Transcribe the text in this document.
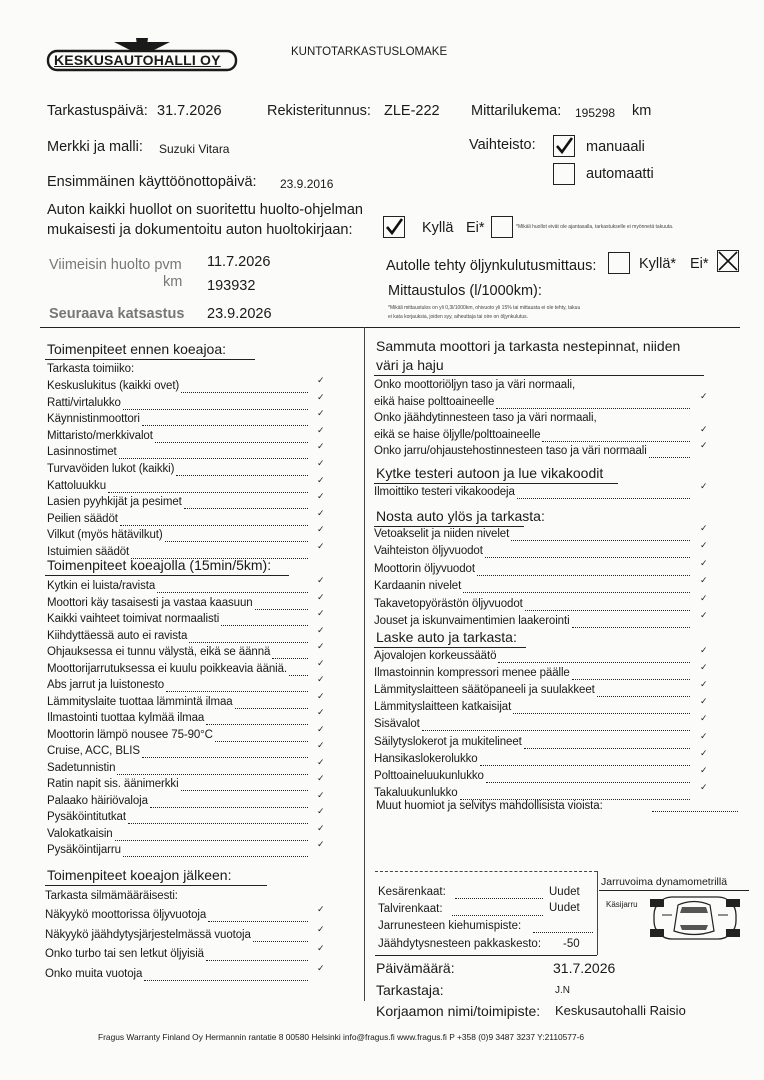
KESKUSAUTOHALLI OY	KUNTOTARKASTUSLOMAKE
Tarkastuspäivä: 31.7.2026	Rekisteritunnus: ZLE-222 Mittarilukema: 195298 km
Merkki ja malli: Suzuki Vitara	Vaihteisto:	manuaali
automaatti
Ensimmäinen käyttöönottopäivä: 23.9.2016
Auton kaikki huollot on suoritettu huolto-ohjelman
mukaisesti ja dokumentoitu auton huoltokirjaan:	Kyllä Ei*	*Mikäli huollot eivät ole ajantasalla, tarkastukselle ei myönnetä takuuta.
Viimeisin huolto pvm 11.7.2026
km 193932
Seuraava katsastus 23.9.2026
Autolle tehty öljynkulutusmittaus:	Kyllä* Ei*
Mittaustulos (l/1000km):
*Mikäli mittaustulos on yli 0,3l/1000km, ohivuoto yli 15% tai mittausta ei ole tehty, takuu
ei kata korjauksia, joiden syy, aiheuttaja tai oire on öljynkulutus.
Toimenpiteet ennen koeajoa:
Tarkasta toimiiko:
Keskuslukitus (kaikki ovet)	✓
Ratti/virtalukko	✓
Käynnistinmoottori	✓
Mittaristo/merkkivalot	✓
Lasinnostimet	✓
Turvavöiden lukot (kaikki)	✓
Kattoluukku	✓
Lasien pyyhkijät ja pesimet	✓
Peilien säädöt	✓
Vilkut (myös hätävilkut)	✓
Istuimien säädöt	✓
Toimenpiteet koeajolla (15min/5km):
Kytkin ei luista/ravista	✓
Moottori käy tasaisesti ja vastaa kaasuun	✓
Kaikki vaihteet toimivat normaalisti	✓
Kiihdyttäessä auto ei ravista	✓
Ohjauksessa ei tunnu välystä, eikä se äännä	✓
Moottorijarrutuksessa ei kuulu poikkeavia ääniä.	✓
Abs jarrut ja luistonesto	✓
Lämmityslaite tuottaa lämmintä ilmaa	✓
Ilmastointi tuottaa kylmää ilmaa	✓
Moottorin lämpö nousee 75-90°C	✓
Cruise, ACC, BLIS	✓
Sadetunnistin	✓
Ratin napit sis. äänimerkki	✓
Palaako häiriövaloja	✓
Pysäköintitutkat	✓
Valokatkaisin	✓
Pysäköintijarru	✓
Toimenpiteet koeajon jälkeen:
Tarkasta silmämääräisesti:
Näkyykö moottorissa öljyvuotoja	✓
Näkyykö jäähdytysjärjestelmässä vuotoja	✓
Onko turbo tai sen letkut öljyisiä	✓
Onko muita vuotoja	✓
Sammuta moottori ja tarkasta nestepinnat, niiden
väri ja haju
Onko moottoriöljyn taso ja väri normaali,
eikä haise polttoaineelle	✓
Onko jäähdytinnesteen taso ja väri normaali,
eikä se haise öljylle/polttoaineelle	✓
Onko jarru/ohjaustehostinnesteen taso ja väri normaali	✓
Kytke testeri autoon ja lue vikakoodit
Ilmoittiko testeri vikakoodeja	✓
Nosta auto ylös ja tarkasta:
Vetoakselit ja niiden nivelet	✓
Vaihteiston öljyvuodot	✓
Moottorin öljyvuodot	✓
Kardaanin nivelet	✓
Takavetopyörästön öljyvuodot	✓
Jouset ja iskunvaimentimien laakerointi	✓
Laske auto ja tarkasta:
Ajovalojen korkeussäätö	✓
Ilmastoinnin kompressori menee päälle	✓
Lämmityslaitteen säätöpaneeli ja suulakkeet	✓
Lämmityslaitteen katkaisijat	✓
Sisävalot	✓
Säilytyslokerot ja mukitelineet	✓
Hansikaslokerolukko	✓
Polttoaineluukunlukko	✓
Takaluukunlukko	✓
Muut huomiot ja selvitys mahdollisista vioista:
Kesärenkaat:	Uudet
Talvirenkaat:	Uudet
Jarrunesteen kiehumispiste:
Jäähdytysnesteen pakkaskesto: -50
Jarruvoima dynamometrillä
Käsijarru
Päivämäärä:	31.7.2026
Tarkastaja:	J.N
Korjaamon nimi/toimipiste: Keskusautohalli Raisio
Fragus Warranty Finland Oy Hermannin rantatie 8 00580 Helsinki info@fragus.fi www.fragus.fi P +358 (0)9 3487 3237 Y:2110577-6
